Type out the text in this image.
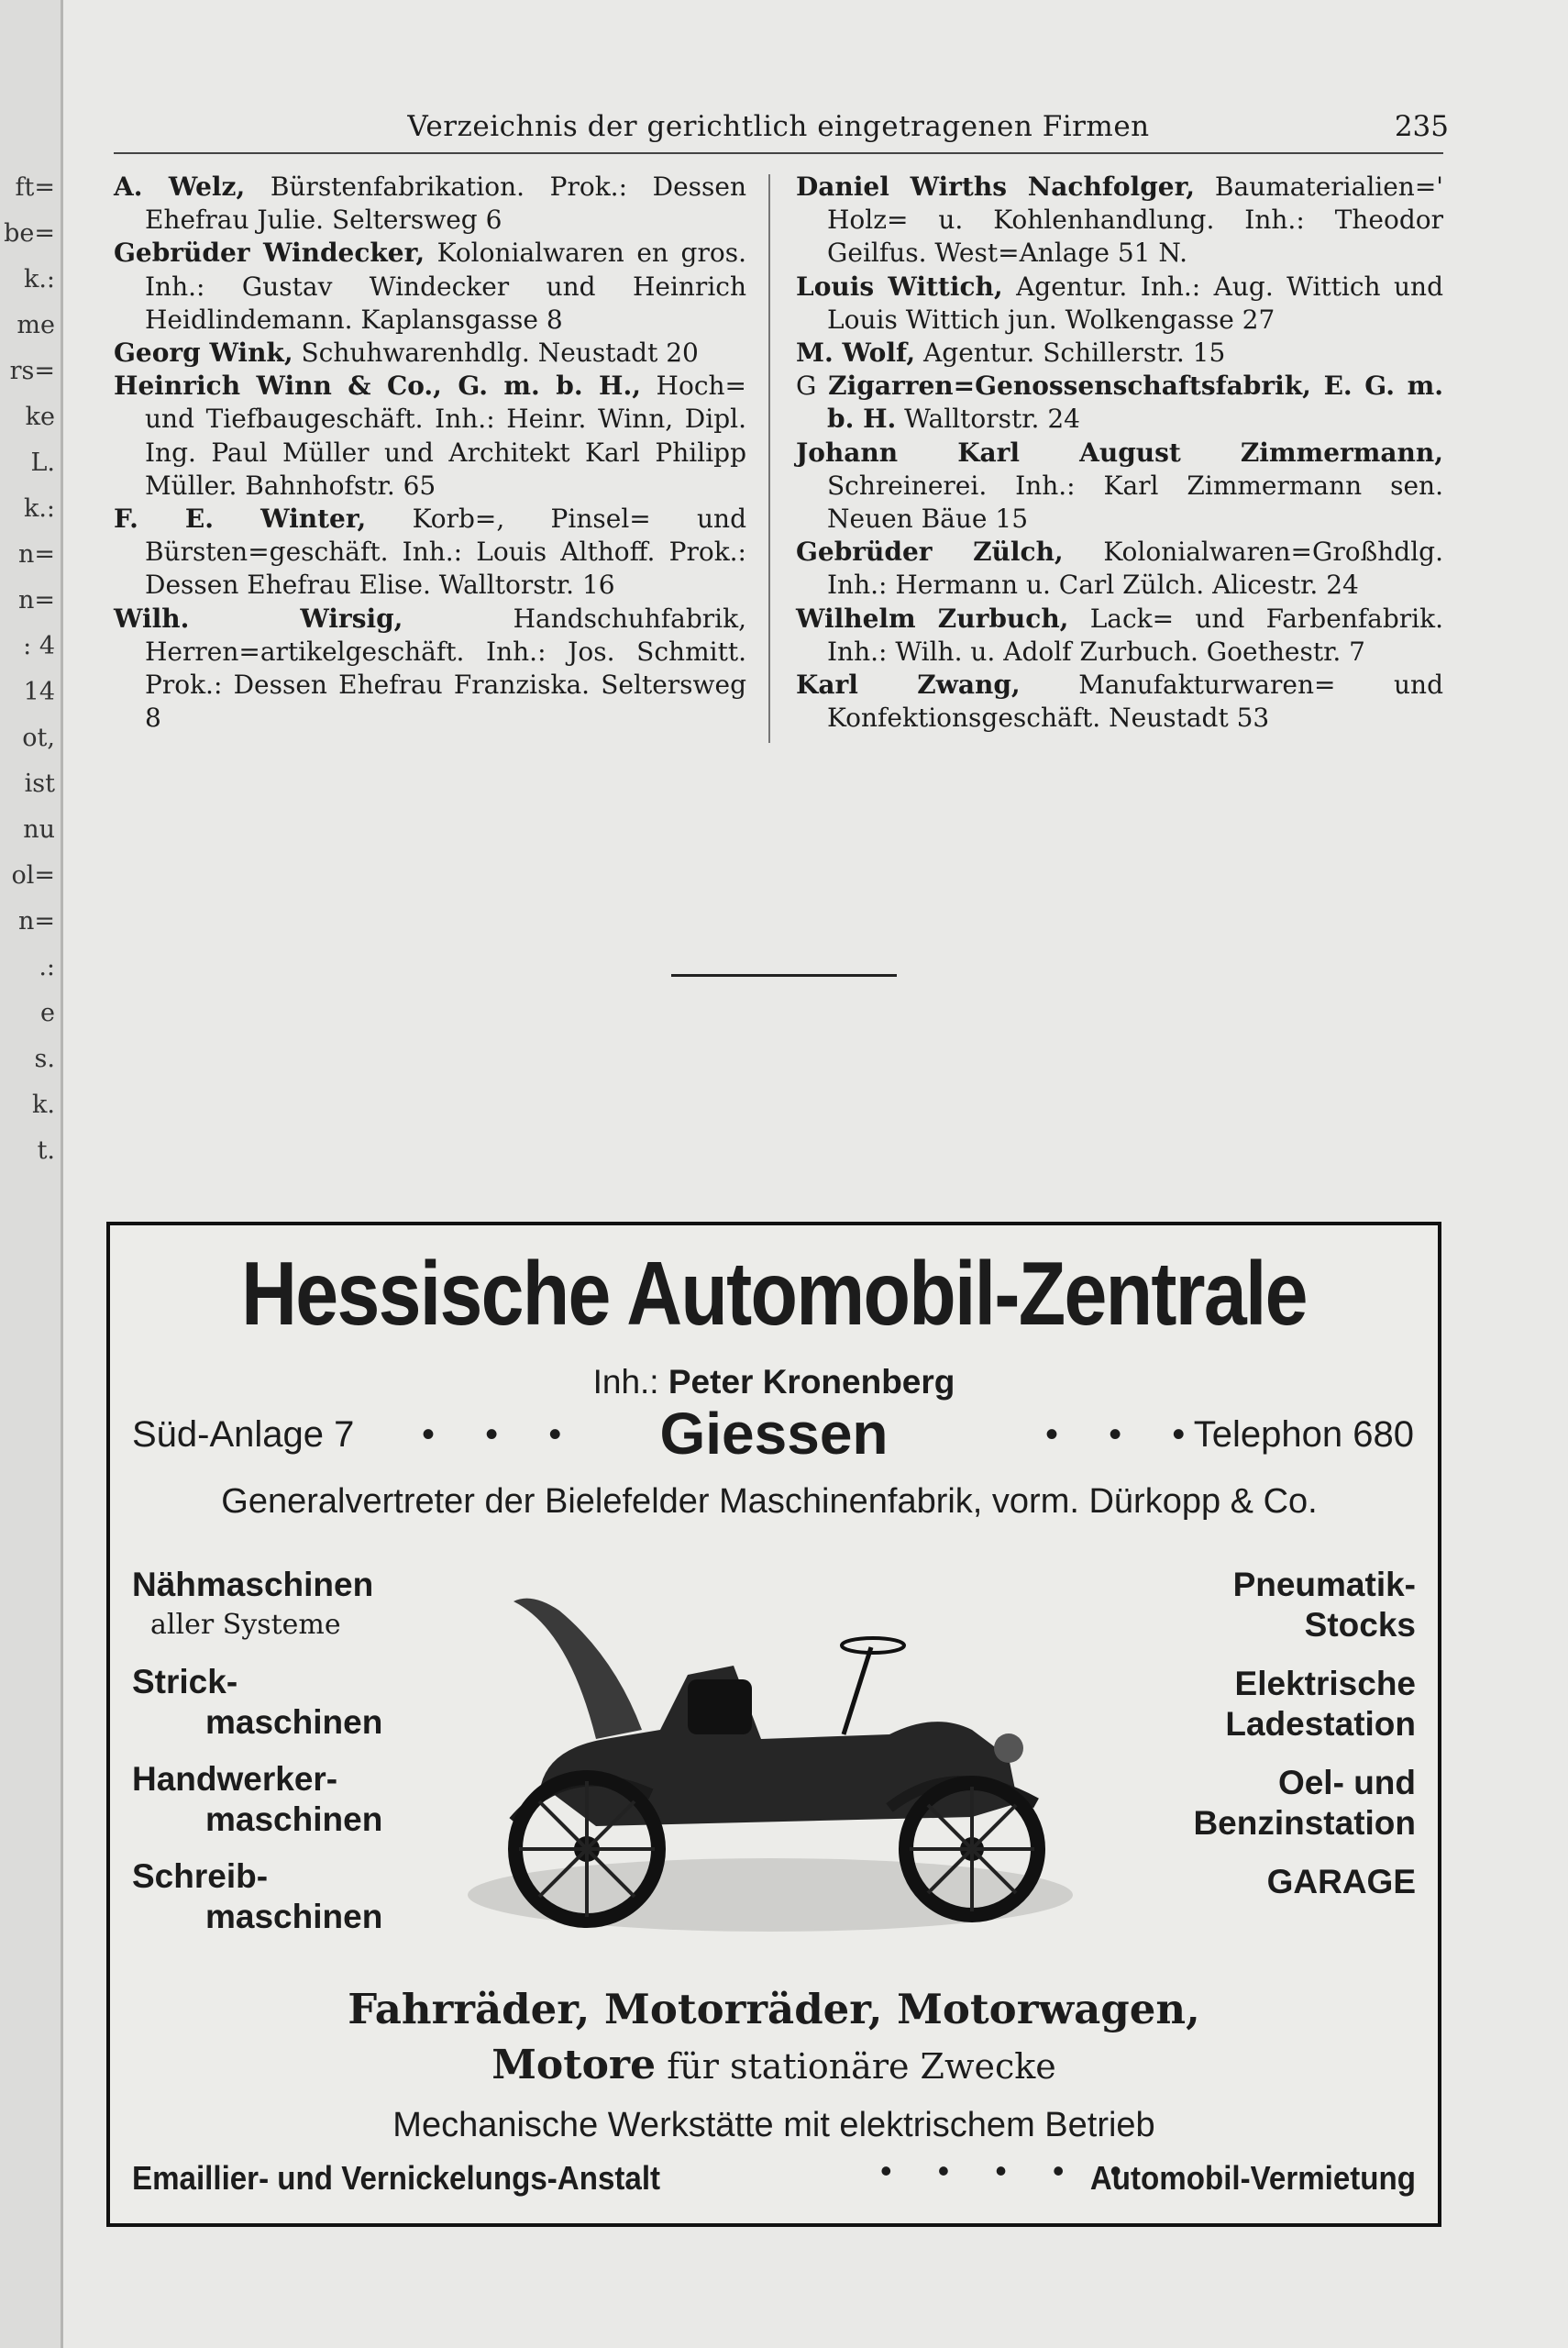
ft=
be=
k.:
me
rs=
ke
L.
k.:
n=
n=
: 4
14
ot,
ist
nu
ol=
n=
.:
e
s.
k.
t.
Verzeichnis der gerichtlich eingetragenen Firmen	235

A. Welz, Bürstenfabrikation. Prok.: Dessen Ehefrau Julie. Seltersweg 6

Gebrüder Windecker, Kolonialwaren en gros. Inh.: Gustav Windecker und Heinrich Heidlindemann. Kaplansgasse 8

Georg Wink, Schuhwarenhdlg. Neustadt 20

Heinrich Winn & Co., G. m. b. H., Hoch= und Tiefbaugeschäft. Inh.: Heinr. Winn, Dipl. Ing. Paul Müller und Architekt Karl Philipp Müller. Bahnhofstr. 65

F. E. Winter, Korb=, Pinsel= und Bürsten=geschäft. Inh.: Louis Althoff. Prok.: Dessen Ehefrau Elise. Walltorstr. 16

Wilh. Wirsig, Handschuhfabrik, Herren=artikelgeschäft. Inh.: Jos. Schmitt. Prok.: Dessen Ehefrau Franziska. Seltersweg 8

Daniel Wirths Nachfolger, Baumaterialien=' Holz= u. Kohlenhandlung. Inh.: Theodor Geilfus. West=Anlage 51 N.

Louis Wittich, Agentur. Inh.: Aug. Wittich und Louis Wittich jun. Wolkengasse 27

M. Wolf, Agentur. Schillerstr. 15

G Zigarren=Genossenschaftsfabrik, E. G. m. b. H. Walltorstr. 24

Johann Karl August Zimmermann, Schreinerei. Inh.: Karl Zimmermann sen. Neuen Bäue 15

Gebrüder Zülch, Kolonialwaren=Großhdlg. Inh.: Hermann u. Carl Zülch. Alicestr. 24

Wilhelm Zurbuch, Lack= und Farbenfabrik. Inh.: Wilh. u. Adolf Zurbuch. Goethestr. 7

Karl Zwang, Manufakturwaren= und Konfektionsgeschäft. Neustadt 53

Hessische Automobil-Zentrale
Inh.: Peter Kronenberg
Süd-Anlage 7 • • •	Giessen	• • •
Telephon 680
Generalvertreter der Bielefelder Maschinenfabrik, vorm. Dürkopp & Co.
Nähmaschinen
aller Systeme
Strick-
maschinen
Handwerker-
maschinen
Schreib-
maschinen
Pneumatik-
Stocks
Elektrische
Ladestation
Oel- und
Benzinstation
GARAGE
Fahrräder, Motorräder, Motorwagen,
Motore für stationäre Zwecke
Mechanische Werkstätte mit elektrischem Betrieb
Emaillier- und Vernickelungs-Anstalt	• • • • •
Automobil-Vermietung
